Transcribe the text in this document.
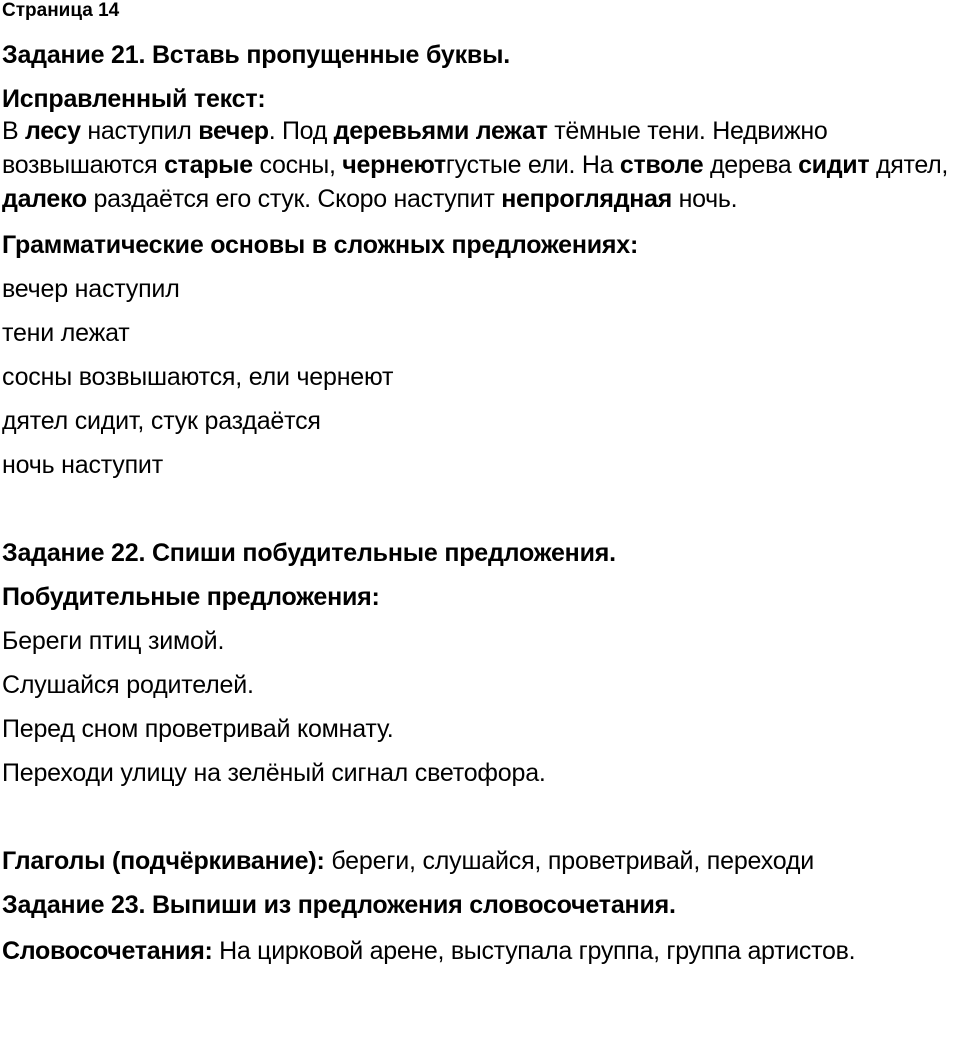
Страница 14
Задание 21. Вставь пропущенные буквы.
Исправленный текст:
В лесу наступил вечер. Под деревьями лежат тёмные тени. Недвижно возвышаются старые сосны, чернеютгустые ели. На стволе дерева сидит дятел, далеко раздаётся его стук. Скоро наступит непроглядная ночь.
Грамматические основы в сложных предложениях:
вечер наступил
тени лежат
сосны возвышаются, ели чернеют
дятел сидит, стук раздаётся
ночь наступит
Задание 22. Спиши побудительные предложения.
Побудительные предложения:
Береги птиц зимой.
Слушайся родителей.
Перед сном проветривай комнату.
Переходи улицу на зелёный сигнал светофора.
Глаголы (подчёркивание): береги, слушайся, проветривай, переходи
Задание 23. Выпиши из предложения словосочетания.
Словосочетания: На цирковой арене, выступала группа, группа артистов.
